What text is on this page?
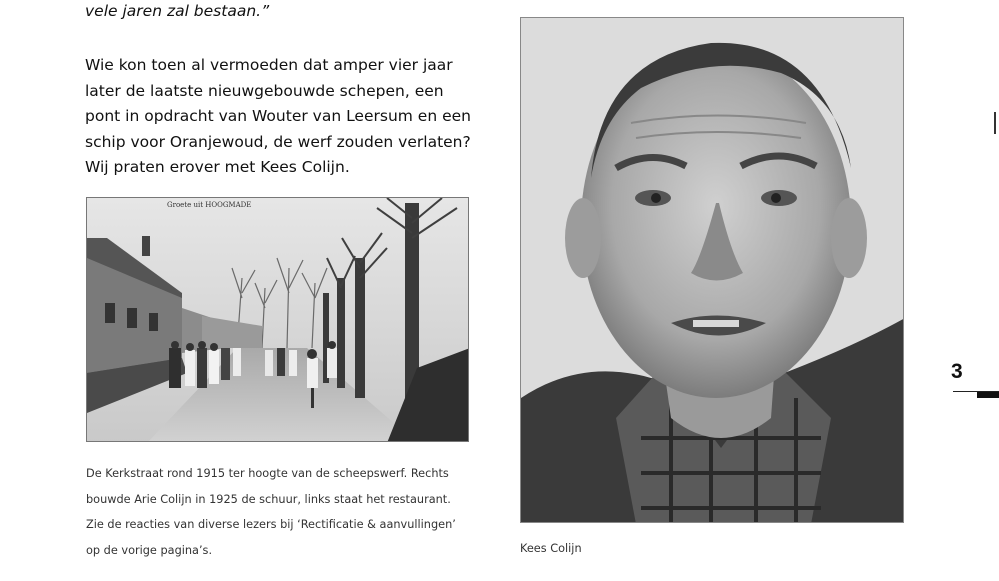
vele jaren zal bestaan.”

Wie kon toen al vermoeden dat amper vier jaar
later de laatste nieuwgebouwde schepen, een
pont in opdracht van Wouter van Leersum en een
schip voor Oranjewoud, de werf zouden verlaten?
Wij praten erover met Kees Colijn.
Groete uit HOOGMADE
De Kerkstraat rond 1915 ter hoogte van de scheepswerf. Rechts
bouwde Arie Colijn in 1925 de schuur, links staat het restaurant.
Zie de reacties van diverse lezers bij ‘Rectificatie & aanvullingen’
op de vorige pagina’s.	Kees Colijn
3
